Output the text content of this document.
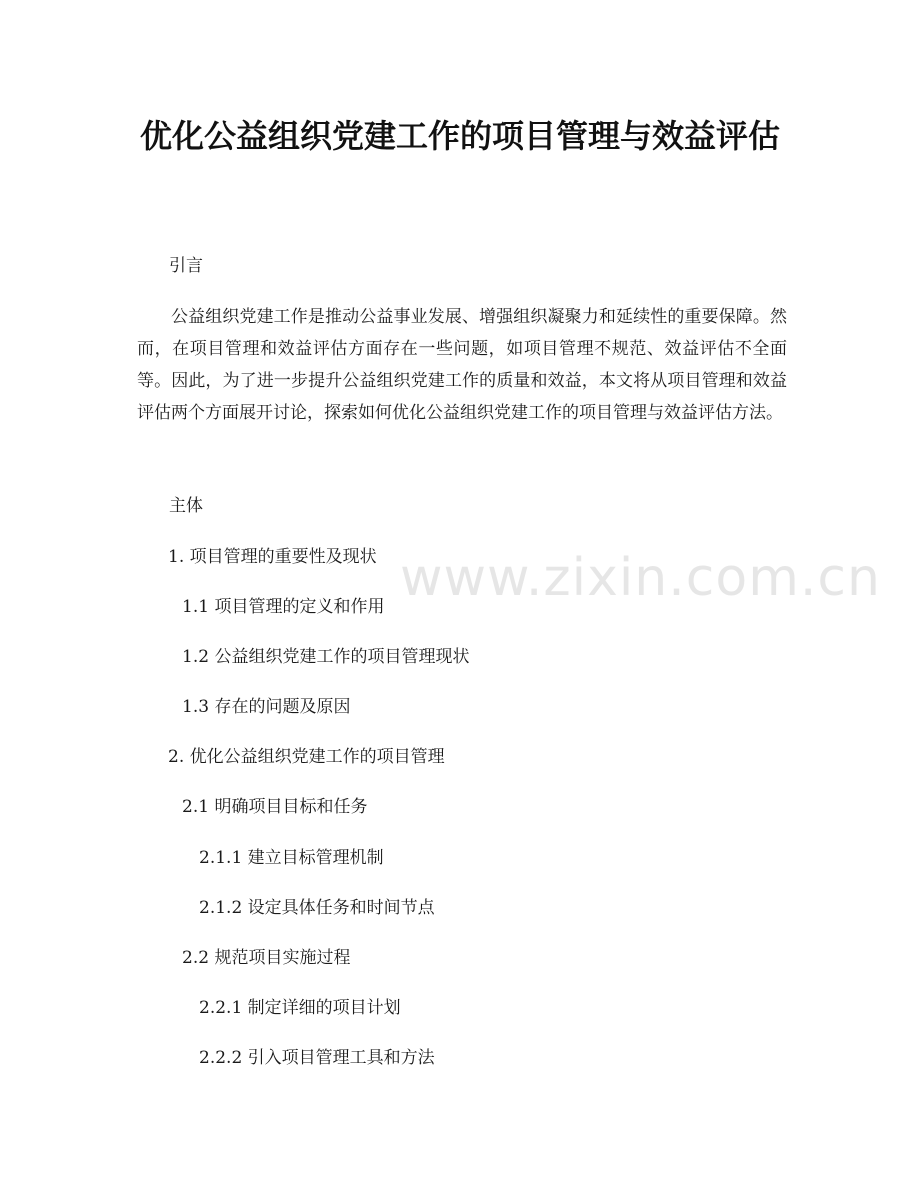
优化公益组织党建工作的项目管理与效益评估
引言
公益组织党建工作是推动公益事业发展、增强组织凝聚力和延续性的重要保障。然而，在项目管理和效益评估方面存在一些问题，如项目管理不规范、效益评估不全面等。因此，为了进一步提升公益组织党建工作的质量和效益，本文将从项目管理和效益评估两个方面展开讨论，探索如何优化公益组织党建工作的项目管理与效益评估方法。
主体
1. 项目管理的重要性及现状
1.1 项目管理的定义和作用
1.2 公益组织党建工作的项目管理现状
1.3 存在的问题及原因
2. 优化公益组织党建工作的项目管理
2.1 明确项目目标和任务
2.1.1 建立目标管理机制
2.1.2 设定具体任务和时间节点
2.2 规范项目实施过程
2.2.1 制定详细的项目计划
2.2.2 引入项目管理工具和方法
www.zixin.com.cn
